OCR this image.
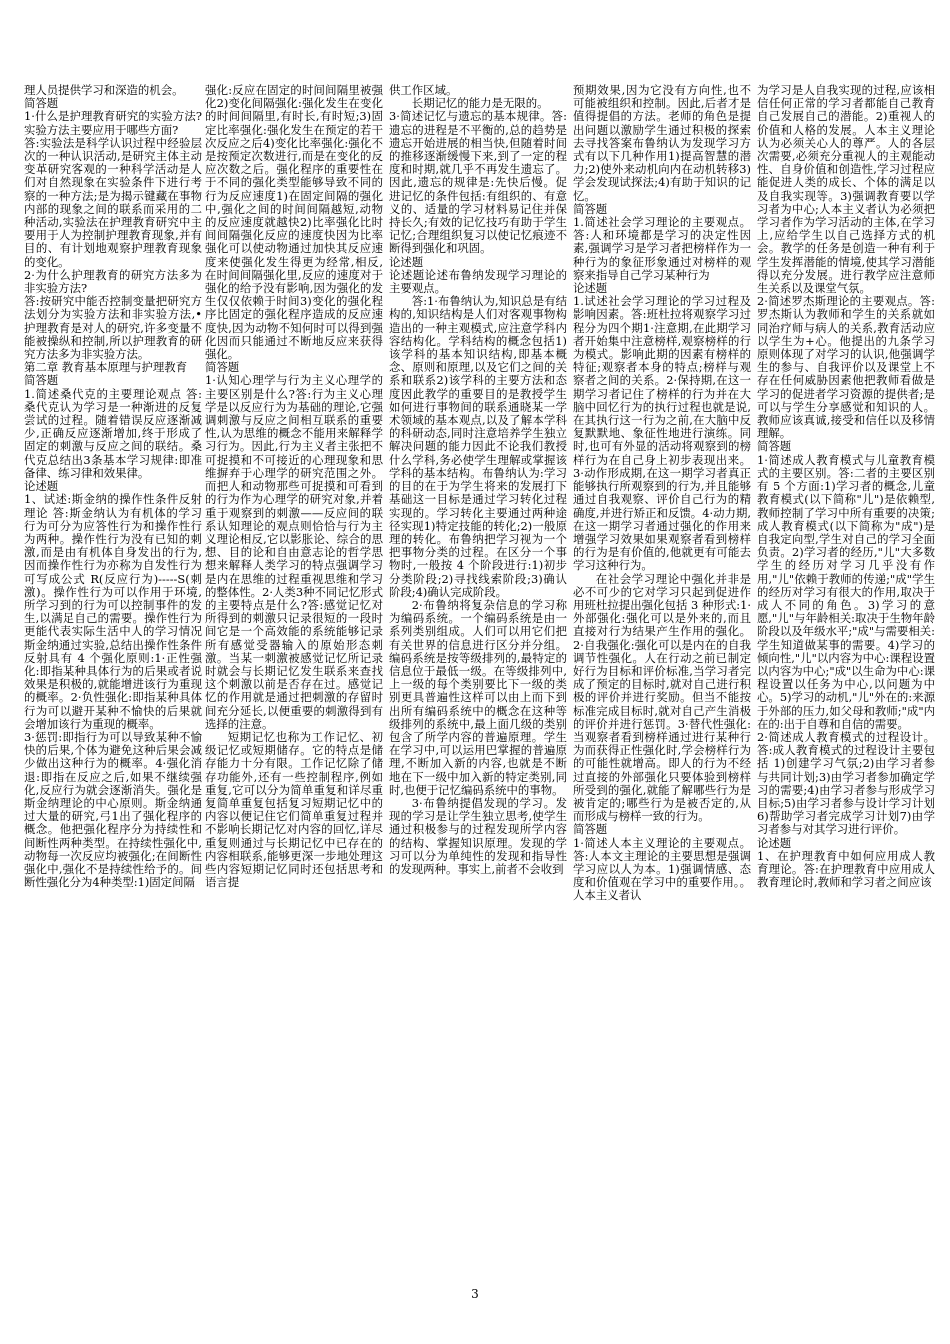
理人员提供学习和深造的机会。

简答题

1·什么是护理教育研究的实验方法?实验方法主要应用于哪些方面?

答:实验法是科学认识过程中经验层次的一种认识活动,是研究主体主动变革研究客观的一种科学活动是人们对自然现象在实验条件下进行考察的一种方法;是为揭示键藏在事物内部的现象之间的联系而采用的二种活动,实验法在护理教育研究中主要用于人为控制护理教育现象,并有目的、有计划地观察护理教育现象的变化。

2·为什么护理教育的研究方法多为非实验方法?

答:按研究中能否控制变量把研究方法划分为实验方法和非实验方法,•护理教育是对人的研究,许多变量不能被操纵和控制,所以护理教育的研究方法多为非实验方法。

第二章 教育基本原理与护理教育

简答题

1.简述桑代克的主要理论观点 答: 桑代克认为学习是一种渐进的反复尝试的过程。随着错误反应逐渐减少,正确反应逐渐增加,终于形成了固定的刺激与反应之间的联结。桑代克总结出3条基本学习规律:即准备律、练习律和效果律。

论述题

1、试述:斯金纳的操作性条件反射理论 答:斯金纳认为有机体的学习行为可分为应答性行为和操作性行为两种。操作性行为没有已知的刺激,而是由有机体自身发出的行为,因而操作性行为亦称为自发性行为可写成公式 R(反应行为)-----S(刺激)。操作性行为可以作用于环境,所学习到的行为可以控制事件的发生,以满足自己的需要。操作性行为更能代表实际生活中人的学习情况斯金纳通过实验,总结出操作性条件反射具有 4 个强化原则:1·正性强化:即指某种具体行为的后果或者说效果是积极的,就能增进该行为重现的概率。2·负性强化:即指某种具体行为可以避开某种不愉快的后果就会增加该行为重现的概率。

3·惩罚:即指行为可以导致某种不愉快的后果,个体为避免这种后果会减少做出这种行为的概率。4·强化消退:即指在反应之后,如果不继续强化,反应行为就会逐渐消失。强化是斯金纳理论的中心原则。斯金纳通过大量的研究,弓1出了强化程序的概念。他把强化程序分为持续性和间断性两种类型。在持续性强化中,动物每一次反应均被强化;在间断性强化中,强化不是持续性给予的。间断性强化分为4种类型:1)固定间隔

强化:反应在固定的时间间隔里被强化2)变化间隔强化:强化发生在变化的时间间隔里,有时长,有时短;3)固定比率强化:强化发生在预定的若干次反应之后4)变化比率强化:强化不是按预定次数进行,而是在变化的反应次数之后。强化程序的重要性在于不同的强化类型能够导致不同的行为反应速度1)在固定间隔的强化中,强化之间的时间间隔越短,动物的反应速度就越快2)比率强化比时间间隔强化反应的速度快因为比率强化可以使动物通过加快其反应速度来使强化发生得更为经常,相反,在时间间隔强化里,反应的速度对于强化的给予没有影响,因为强化的发生仅仅依赖于时间3)变化的强化程序比固定的强化程序造成的反应速度快,因为动物不知何时可以得到强化因而只能通过不断地反应来获得强化。

简答题

1·认知心理学与行为主义心理学的主要区别是什么?答:行为主义心理学是以反应行为为基础的理论,它强调刺激与反应之间相互联系的重要性,认为思维的概念不能用来解释学习行为。因此,行为主义者主张把不可捉摸和不可接近的心理现象和思维摒弃于心理学的研究范围之外。而把人和动物那些可捉摸和可看到的行为作为心理学的研究对象,并着重于观察到的刺激——反应间的联系认知理论的观点则恰恰与行为主义理论相反,它以影胀论、综合的思想、目的论和自由意志论的哲学思想来解释人类学习的特点强调学习是内在思维的过程重视思维和学习的整体性。2·人类3种不同记忆形式的主要特点是什么?答:感觉记忆对所得到的刺激只记录很短的一段时间它是一个高效能的系统能够记录所有感觉受器输入的原始形态刺激。当某一刺激被感觉记忆所记录时就会与长期记忆发生联系来查找这个刺激以前是否存在过。感觉记忆的作用就是通过把刺激的存留时间充分延长,以便重要的刺激得到有选择的注意。

短期记忆也称为工作记忆、初级记忆或短期储存。它的特点是储存能力十分有限。工作记忆除了储存功能外,还有一些控制程序,例如重复,它可以分为简单重复和详尽重复简单重复包括复习短期记忆中的内容以便记住它们简单重复过程并不影响长期记忆对内容的回忆,详尽重复则通过与长期记忆中已存在的内容相联系,能够更深一步地处理这些内容短期记忆同时还包括思考和语言提

供工作区域。

长期记忆的能力是无限的。

3·简述记忆与遗忘的基本规律。答:遗忘的进程是不平衡的,总的趋势是遗忘开始进展的相当快,但随着时间的推移逐渐缓慢下来,到了一定的程度和时期,就几乎不再发生遗忘了。因此,遗忘的规律是:先快后慢。促进记忆的条件包括:有组织的、有意义的、适量的学习材料易记住并保持长久;有效的记忆技巧有助于学生记忆;合理组织复习以使记忆痕迹不断得到强化和巩固。

论述题

论述题论述布鲁纳发现学习理论的主要观点。

答:1·布鲁纳认为,知识总是有结构的,知识结构是人们对客观事物构造出的一种主观模式,应注意学科内容结构化。学科结构的概念包括1)该学科的基本知识结构,即基本概念、原则和原理,以及它们之间的关系和联系2)该学科的主要方法和态度因此教学的重要目的是教授学生如何进行事物间的联系通晓某一学术领域的基本观点,以及了解本学科的科研动态,同时注意培养学生独立解决问题的能力因此不论我们教授什么学科,务必使学生理解或掌握该学科的基本结构。布鲁纳认为:学习的目的在于为学生将来的发展打下基础这一目标是通过学习转化过程实现的。学习转化主要通过两种途径实现1)特定技能的转化;2)一般原理的转化。布鲁纳把学习视为一个把事物分类的过程。在区分一个事物时,一般按 4 个阶段进行:1)初步分类阶段;2)寻找线索阶段;3)确认阶段;4)确认完成阶段。

2·布鲁纳将复杂信息的学习称为编码系统。一个编码系统是由一系列类别组成。人们可以用它们把有关世界的信息进行区分并分组。编码系统是按等级排列的,最特定的信息位于最低一级。在等级排列中,上一级的每个类别要比下一级的类别更具普遍性这样可以由上而下到出所有编码系统中的概念在这种等级排列的系统中,最上面几级的类别包含了所学内容的普遍原理。学生在学习中,可以运用巴掌握的普遍原理,不断加入新的内容,也就是不断地在下一级中加入新的特定类别,同时,也便于记忆编码系统中的事物。

3·布鲁纳提倡发现的学习。发现的学习是让学生独立思考,使学生通过积极参与的过程发现所学内容的结构、掌握知识原理。发现的学习可以分为单纯性的发现和指导性的发现两种。事实上,前者不会收到

预期效果,因为它没有方向性,也不可能被组织和控制。因此,后者才是值得提倡的方法。老师的角色是提出问题以激励学生通过积极的探索去寻找答案布鲁纳认为发现学习方式有以下几种作用1)提高智慧的潜力;2)使外来动机向内在动机转移3)学会发现试探法;4)有助于知识的记忆。

简答题

1.简述社会学习理论的主要观点。答:人和环境都是学习的决定性因素,强调学习是学习者把榜样作为一种行为的象征形象通过对榜样的观察来指导自己学习某种行为

论述题

1.试述社会学习理论的学习过程及影响因素。答:班杜拉将观察学习过程分为四个期1·注意期,在此期学习者开始集中注意榜样,观察榜样的行为模式。影响此期的因素有榜样的特征;观察者本身的特点;榜样与观察者之间的关系。2·保持期,在这一期学习者记住了榜样的行为并在大脑中回忆行为的执行过程也就是说,在其执行这一行为之前,在大脑中反复默默地、象征性地进行演练。同时,也可有外显的活动将观察到的榜样行为在自己身上初步表现出来。3·动作形成期,在这一期学习者真正能够执行所观察到的行为,并且能够通过自我观察、评价自己行为的精确度,并进行矫正和反馈。4·动力期,在这一期学习者通过强化的作用来增强学习效果如果观察者看到榜样的行为是有价值的,他就更有可能去学习这种行为。

在社会学习理论中强化并非是必不可少的它对学习只起到促进作用班杜拉提出强化包括 3 种形式:1·外部强化:强化可以是外来的,而且直接对行为结果产生作用的强化。2·自我强化:强化可以是内在的自我调节性强化。人在行动之前已制定好行为目标和评价标准,当学习者完成了预定的目标时,就对自己进行积极的评价并进行奖励。但当不能按标准完成目标时,就对自己产生消极的评价并进行惩罚。3·替代性强化:当观察者看到榜样通过进行某种行为而获得正性强化时,学会榜样行为的可能性就增高。即人的行为不经过直接的外部强化只要体验到榜样所受到的强化,就能了解哪些行为是被肯定的;哪些行为是被否定的,从而形成与榜样一致的行为。

简答题

1·简述人本主义理论的主要观点。答:人本文主理论的主要思想是强调学习应以人为本。1)强调情感、态度和价值观在学习中的重要作用。。人本主义者认

为学习是人自我实现的过程,应该相信任何正常的学习者都能自己教育自己发展自己的潜能。2)重视人的价值和人格的发展。人本主义理论认为必须关心人的尊严。人的各层次需要,必须充分重视人的主观能动性、自身价值和创造性,学习过程应能促进人类的成长、个体的满足以及自我实现等。3)强调教育要以学习者为中心;人本主义者认为必须把学习者作为学习活动的主体,在学习上,应给学生以自己选择方式的机会。教学的任务是创造一种有利于学生发挥潜能的情境,使其学习潜能得以充分发展。进行教学应注意师生关系以及课堂气氛。

2·简述罗杰斯理论的主要观点。答:罗杰斯认为教师和学生的关系就如同治疗师与病人的关系,教育活动应以学生为+心。他提出的九条学习原则体现了对学习的认识,他强调学生的参与、自我评价以及课堂上不存在任何威胁因素他把教师看做是学习的促进者学习资源的提供者;是可以与学生分享感觉和知识的人。教师应该真诚,接受和信任以及移情理解。

简答题

1·简述成人教育模式与儿童教育模式的主要区别。答:二者的主要区别有 5 个方面:1)学习者的概念,儿童教育模式(以下简称"儿")是依赖型,教师控制了学习中所有重要的决策;成人教育模式(以下简称为"成")是自我定向型,学生对自己的学习全面负责。2)学习者的经历,"儿"大多数学生的经历对学习几乎没有作用,"儿"依赖于教师的传递;"成"学生的经历对学习有很大的作用,取决于成人不同的角色。3)学习的意愿,"儿"与年龄相关:取决于生物年龄阶段以及年级水平;"成"与需要相关:学生知道做某事的需要。4)学习的倾向性,"儿"以内容为中心:课程设置以内容为中心;"成"以生命为中心:课程设置以任务为中心,以问题为中心。5)学习的动机,"儿"外在的:来源于外部的压力,如父母和教师;"成"内在的:出于自尊和自信的需要。

2·简述成人教育模式的过程设计。答:成人教育模式的过程设计主要包括 1)创建学习气氛;2)由学习者参与共同计划;3)由学习者参加确定学习的需要;4)由学习者参与形成学习目标;5)由学习者参与设计学习计划6)帮助学习者完成学习计划7)由学习者参与对其学习进行评价。

论述题

1、在护理教育中如何应用成人教育理论。答:在护理教育中应用成人教育理论时,教师和学习者之间应该

3
